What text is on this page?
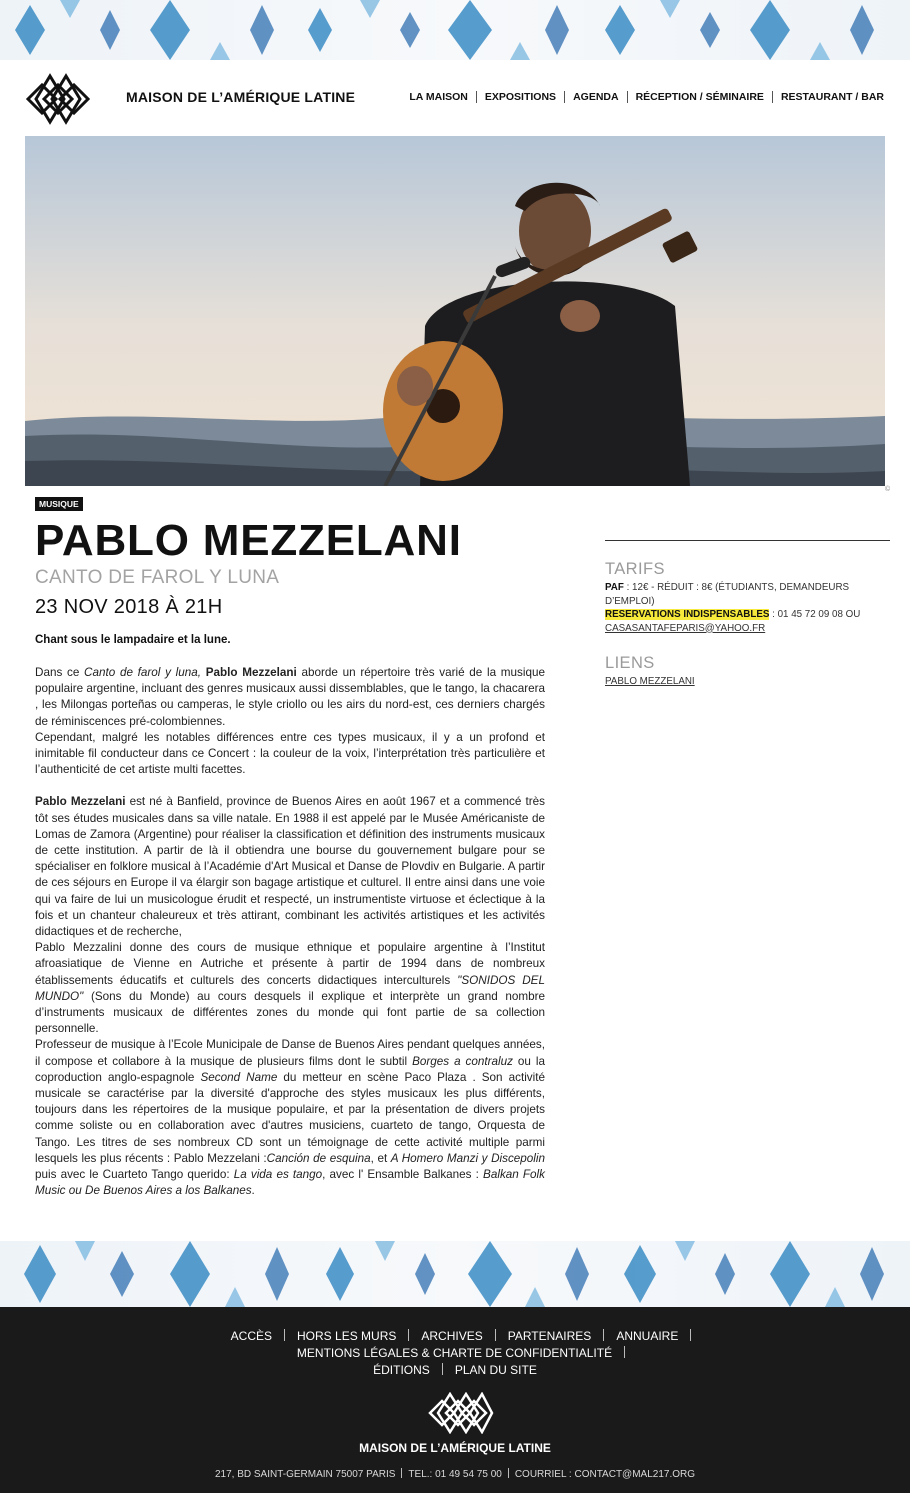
MAISON DE L’AMÉRIQUE LATINE	LA MAISON	EXPOSITIONS	AGENDA	RÉCEPTION / SÉMINAIRE	RESTAURANT / BAR
©
MUSIQUE
PABLO MEZZELANI
CANTO DE FAROL Y LUNA
23 NOV 2018 À 21H
Chant sous le lampadaire et la lune.

Dans ce Canto de farol y luna, Pablo Mezzelani aborde un répertoire très varié de la musique populaire argentine, incluant des genres musicaux aussi dissemblables, que le tango, la chacarera , les Milongas porteñas ou camperas, le style criollo ou les airs du nord-est, ces derniers chargés de réminiscences pré-colombiennes.

Cependant, malgré les notables différences entre ces types musicaux, il y a un profond et inimitable fil conducteur dans ce Concert : la couleur de la voix, l’interprétation très particulière et l’authenticité de cet artiste multi facettes.

Pablo Mezzelani est né à Banfield, province de Buenos Aires en août 1967 et a commencé très tôt ses études musicales dans sa ville natale. En 1988 il est appelé par le Musée Américaniste de Lomas de Zamora (Argentine) pour réaliser la classification et définition des instruments musicaux de cette institution. A partir de là il obtiendra une bourse du gouvernement bulgare pour se spécialiser en folklore musical à l’Académie d'Art Musical et Danse de Plovdiv en Bulgarie. A partir de ces séjours en Europe il va élargir son bagage artistique et culturel. Il entre ainsi dans une voie qui va faire de lui un musicologue érudit et respecté, un instrumentiste virtuose et éclectique à la fois et un chanteur chaleureux et très attirant, combinant les activités artistiques et les activités didactiques et de recherche,

Pablo Mezzalini donne des cours de musique ethnique et populaire argentine à l’Institut afroasiatique de Vienne en Autriche et présente à partir de 1994 dans de nombreux établissements éducatifs et culturels des concerts didactiques interculturels "SONIDOS DEL MUNDO" (Sons du Monde) au cours desquels il explique et interprète un grand nombre d’instruments musicaux de différentes zones du monde qui font partie de sa collection personnelle.

Professeur de musique à l’Ecole Municipale de Danse de Buenos Aires pendant quelques années, il compose et collabore à la musique de plusieurs films dont le subtil Borges a contraluz ou la coproduction anglo-espagnole Second Name du metteur en scène Paco Plaza . Son activité musicale se caractérise par la diversité d'approche des styles musicaux les plus différents, toujours dans les répertoires de la musique populaire, et par la présentation de divers projets comme soliste ou en collaboration avec d'autres musiciens, cuarteto de tango, Orquesta de Tango. Les titres de ses nombreux CD sont un témoignage de cette activité multiple parmi lesquels les plus récents : Pablo Mezzelani :Canción de esquina, et A Homero Manzi y Discepolin puis avec le Cuarteto Tango querido: La vida es tango, avec l' Ensamble Balkanes : Balkan Folk Music ou De Buenos Aires a los Balkanes.

TARIFS
PAF : 12€ - RÉDUIT : 8€ (ÉTUDIANTS, DEMANDEURS D’EMPLOI)
RESERVATIONS INDISPENSABLES : 01 45 72 09 08 OU
CASASANTAFEPARIS@YAHOO.FR
LIENS
PABLO MEZZELANI
ACCÈS HORS LES MURS ARCHIVES PARTENAIRES ANNUAIREMENTIONS LÉGALES & CHARTE DE CONFIDENTIALITÉ
ÉDITIONS PLAN DU SITE
MAISON DE L’AMÉRIQUE LATINE
217, BD SAINT-GERMAIN 75007 PARIS TEL.: 01 49 54 75 00 COURRIEL : CONTACT@MAL217.ORG
